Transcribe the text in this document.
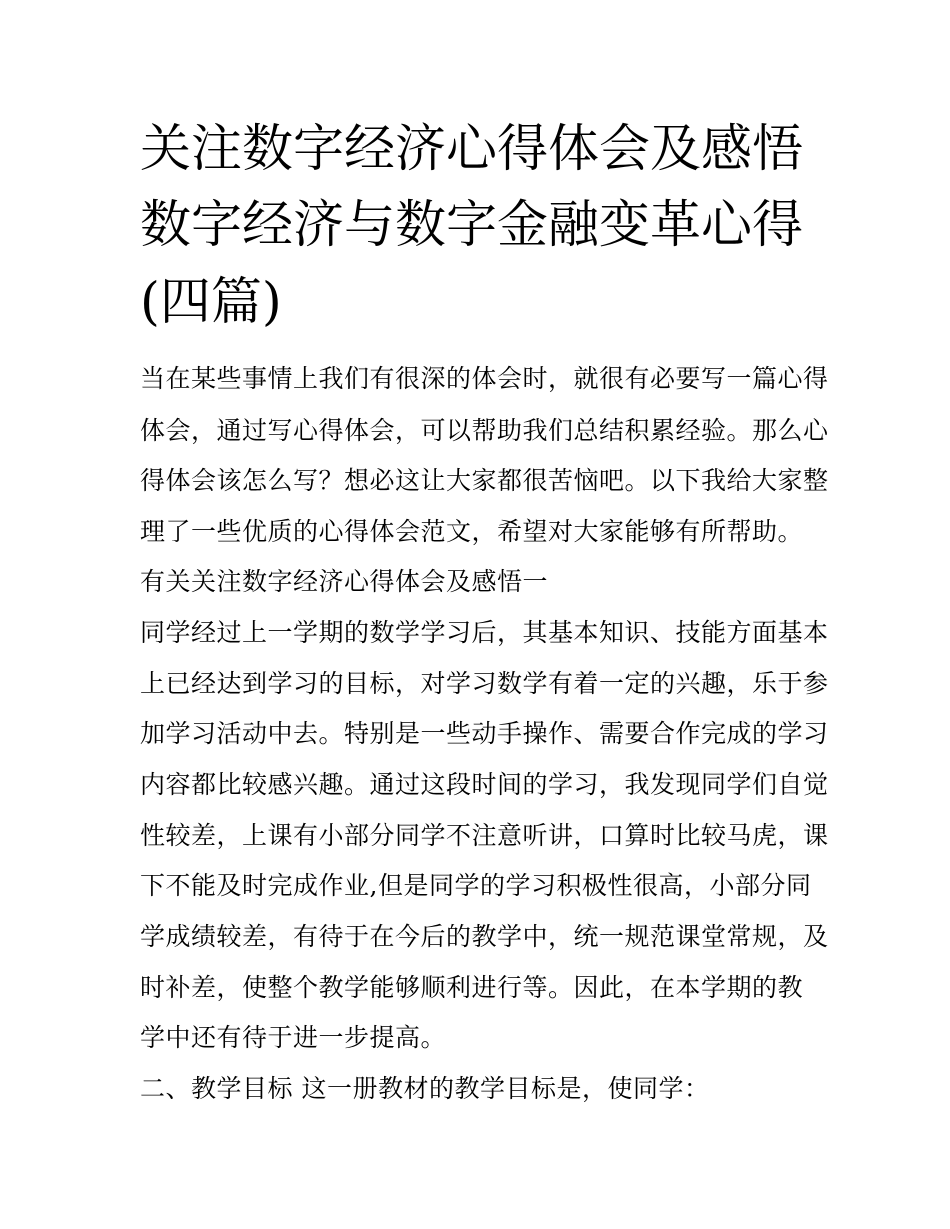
关注数字经济心得体会及感悟
数字经济与数字金融变革心得
(四篇)
当在某些事情上我们有很深的体会时，就很有必要写一篇心得
体会，通过写心得体会，可以帮助我们总结积累经验。那么心
得体会该怎么写？想必这让大家都很苦恼吧。以下我给大家整
理了一些优质的心得体会范文，希望对大家能够有所帮助。
有关关注数字经济心得体会及感悟一
同学经过上一学期的数学学习后，其基本知识、技能方面基本
上已经达到学习的目标，对学习数学有着一定的兴趣，乐于参
加学习活动中去。特别是一些动手操作、需要合作完成的学习
内容都比较感兴趣。通过这段时间的学习，我发现同学们自觉
性较差，上课有小部分同学不注意听讲，口算时比较马虎，课
下不能及时完成作业,但是同学的学习积极性很高，小部分同
学成绩较差，有待于在今后的教学中，统一规范课堂常规，及
时补差，使整个教学能够顺利进行等。因此，在本学期的教
学中还有待于进一步提高。
二、教学目标 这一册教材的教学目标是，使同学：
